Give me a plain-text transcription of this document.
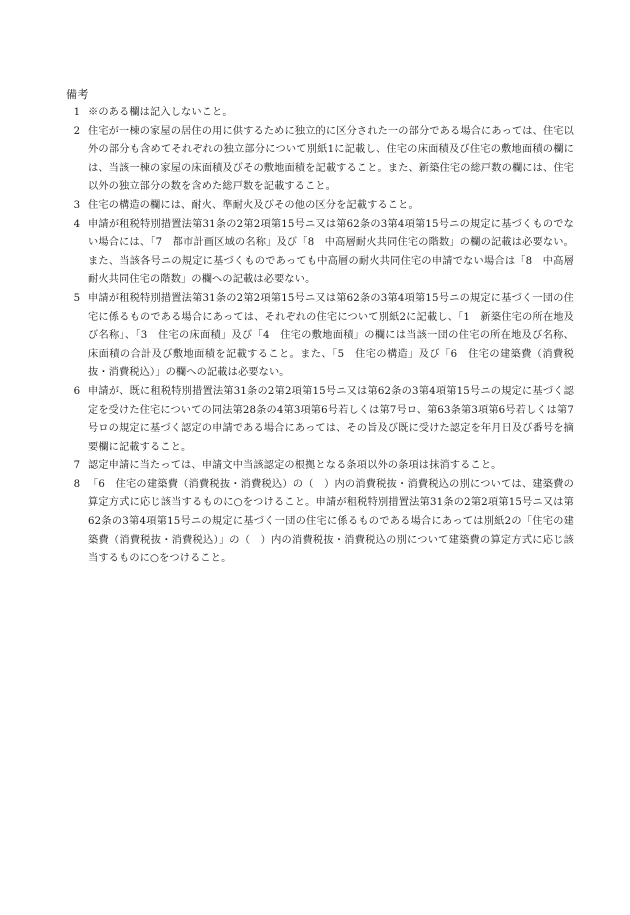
備考
1 ※のある欄は記入しないこと。
2 住宅が一棟の家屋の居住の用に供するために独立的に区分された一の部分である場合にあっては、住宅以外の部分も含めてそれぞれの独立部分について別紙1に記載し、住宅の床面積及び住宅の敷地面積の欄には、当該一棟の家屋の床面積及びその敷地面積を記載すること。また、新築住宅の総戸数の欄には、住宅以外の独立部分の数を含めた総戸数を記載すること。
3 住宅の構造の欄には、耐火、準耐火及びその他の区分を記載すること。
4 申請が租税特別措置法第31条の2第2項第15号ニ又は第62条の3第4項第15号ニの規定に基づくものでない場合には、「7　都市計画区域の名称」及び「8　中高層耐火共同住宅の階数」の欄の記載は必要ない。また、当該各号ニの規定に基づくものであっても中高層の耐火共同住宅の申請でない場合は「8　中高層耐火共同住宅の階数」の欄への記載は必要ない。
5 申請が租税特別措置法第31条の2第2項第15号ニ又は第62条の3第4項第15号ニの規定に基づく一団の住宅に係るものである場合にあっては、それぞれの住宅について別紙2に記載し、「1　新築住宅の所在地及び名称」、「3　住宅の床面積」及び「4　住宅の敷地面積」の欄には当該一団の住宅の所在地及び名称、床面積の合計及び敷地面積を記載すること。また、「5　住宅の構造」及び「6　住宅の建築費（消費税抜・消費税込）」の欄への記載は必要ない。
6 申請が、既に租税特別措置法第31条の2第2項第15号ニ又は第62条の3第4項第15号ニの規定に基づく認定を受けた住宅についての同法第28条の4第3項第6号若しくは第7号ロ、第63条第3項第6号若しくは第7号ロの規定に基づく認定の申請である場合にあっては、その旨及び既に受けた認定を年月日及び番号を摘要欄に記載すること。
7 認定申請に当たっては、申請文中当該認定の根拠となる条項以外の条項は抹消すること。
8 「6　住宅の建築費（消費税抜・消費税込）の（　）内の消費税抜・消費税込の別については、建築費の算定方式に応じ該当するものに○をつけること。申請が租税特別措置法第31条の2第2項第15号ニ又は第62条の3第4項第15号ニの規定に基づく一団の住宅に係るものである場合にあっては別紙2の「住宅の建築費（消費税抜・消費税込）」の（　）内の消費税抜・消費税込の別について建築費の算定方式に応じ該当するものに○をつけること。
